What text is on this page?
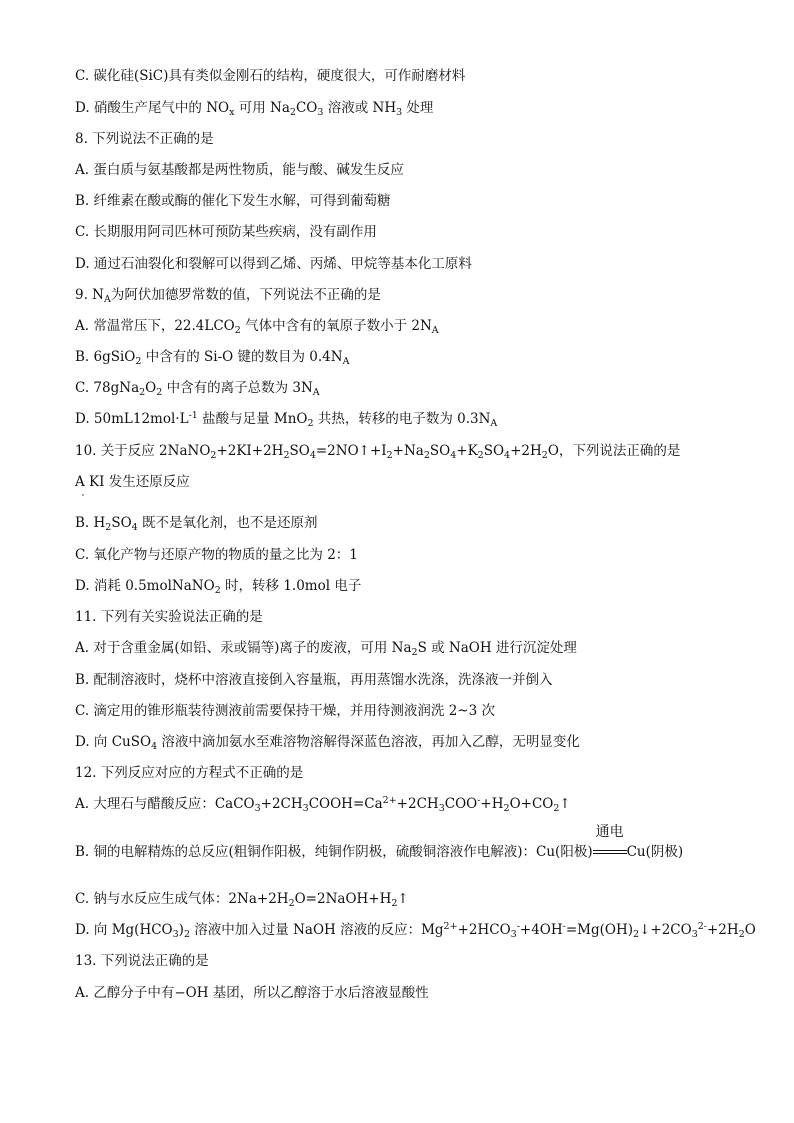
C. 碳化硅(SiC)具有类似金刚石的结构，硬度很大，可作耐磨材料
D. 硝酸生产尾气中的 $NO_x$ 可用 $Na_2CO_3$ 溶液或 $NH_3$ 处理
8. 下列说法不正确的是
A. 蛋白质与氨基酸都是两性物质，能与酸、碱发生反应
B. 纤维素在酸或酶的催化下发生水解，可得到葡萄糖
C. 长期服用阿司匹林可预防某些疾病，没有副作用
D. 通过石油裂化和裂解可以得到乙烯、丙烯、甲烷等基本化工原料
9. $N_A$为阿伏加德罗常数的值，下列说法不正确的是
A. 常温常压下，$22.4LCO_2$ 气体中含有的氧原子数小于 $2N_A$
B. 6gSiO$_2$ 中含有的 Si-O 键的数目为 $0.4N_A$
C. $78gNa_2O_2$ 中含有的离子总数为 $3N_A$
D. $50mL12mol\cdot L^{-1}$ 盐酸与足量 MnO$_2$ 共热，转移的电子数为 $0.3N_A$
10. 关于反应 $2NaNO_2+2KI+2H_2SO_4=2NO↑+I_2+Na_2SO_4+K_2SO_4+2H_2O$，下列说法正确的是
A KI 发生还原反应
B. $H_2SO_4$ 既不是氧化剂，也不是还原剂
C. 氧化产物与还原产物的物质的量之比为 2：1
D. 消耗 0.5molNaNO$_2$ 时，转移 1.0mol 电子
11. 下列有关实验说法正确的是
A. 对于含重金属(如铅、汞或镉等)离子的废液，可用 $Na_2S$ 或 NaOH 进行沉淀处理
B. 配制溶液时，烧杯中溶液直接倒入容量瓶，再用蒸馏水洗涤，洗涤液一并倒入
C. 滴定用的锥形瓶装待测液前需要保持干燥，并用待测液润洗 2~3 次
D. 向 CuSO$_4$ 溶液中滴加氨水至难溶物溶解得深蓝色溶液，再加入乙醇，无明显变化
12. 下列反应对应的方程式不正确的是
A. 大理石与醋酸反应：$CaCO_3+2CH_3COOH=Ca^{2+}+2CH_3COO^-+H_2O+CO_2↑$
B. 铜的电解精炼的总反应(粗铜作阳极，纯铜作阴极，硫酸铜溶液作电解液)：Cu(阳极)
通电
Cu(阴极)
C. 钠与水反应生成气体：$2Na+2H_2O=2NaOH+H_2↑$
D. 向 $Mg(HCO_3)_2$ 溶液中加入过量 NaOH 溶液的反应：$Mg^{2+}+2HCO_3^-+4OH^-=Mg(OH)_2↓+2CO_3^{2-}+2H_2O$
13. 下列说法正确的是
A. 乙醇分子中有−OH 基团，所以乙醇溶于水后溶液显酸性
